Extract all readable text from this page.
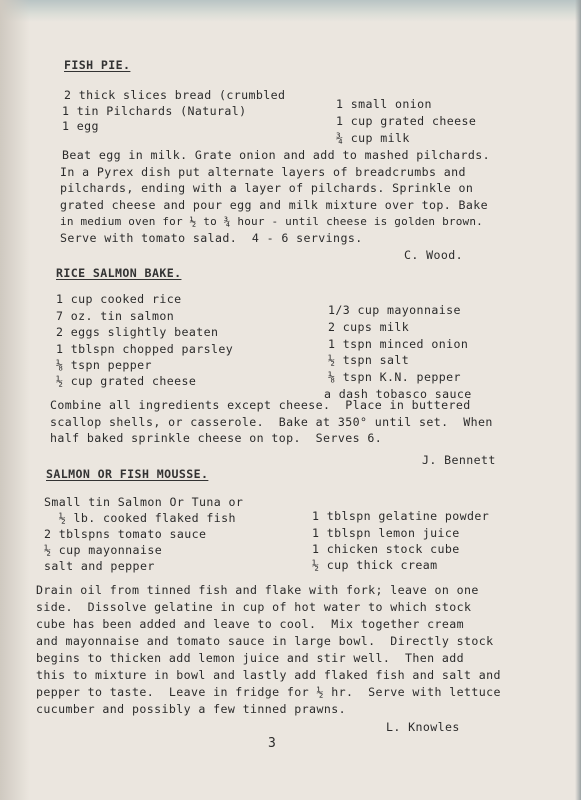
FISH PIE.
2 thick slices bread (crumbled
1 tin Pilchards (Natural)
1 egg
1 small onion
1 cup grated cheese
¾ cup milk
Beat egg in milk. Grate onion and add to mashed pilchards.
In a Pyrex dish put alternate layers of breadcrumbs and
pilchards, ending with a layer of pilchards. Sprinkle on
grated cheese and pour egg and milk mixture over top. Bake
in medium oven for ½ to ¾ hour - until cheese is golden brown.
Serve with tomato salad.  4 - 6 servings.
C. Wood.
RICE SALMON BAKE.
1 cup cooked rice
7 oz. tin salmon
2 eggs slightly beaten
1 tblspn chopped parsley
⅛ tspn pepper
½ cup grated cheese
1/3 cup mayonnaise
2 cups milk
1 tspn minced onion
½ tspn salt
⅛ tspn K.N. pepper
a dash tobasco sauce
Combine all ingredients except cheese.  Place in buttered
scallop shells, or casserole.  Bake at 350° until set.  When
half baked sprinkle cheese on top.  Serves 6.
J. Bennett
SALMON OR FISH MOUSSE.
Small tin Salmon Or Tuna or
½ lb. cooked flaked fish
2 tblspns tomato sauce
½ cup mayonnaise
salt and pepper
1 tblspn gelatine powder
1 tblspn lemon juice
1 chicken stock cube
½ cup thick cream
Drain oil from tinned fish and flake with fork; leave on one
side.  Dissolve gelatine in cup of hot water to which stock
cube has been added and leave to cool.  Mix together cream
and mayonnaise and tomato sauce in large bowl.  Directly stock
begins to thicken add lemon juice and stir well.  Then add
this to mixture in bowl and lastly add flaked fish and salt and
pepper to taste.  Leave in fridge for ½ hr.  Serve with lettuce
cucumber and possibly a few tinned prawns.
L. Knowles
3
